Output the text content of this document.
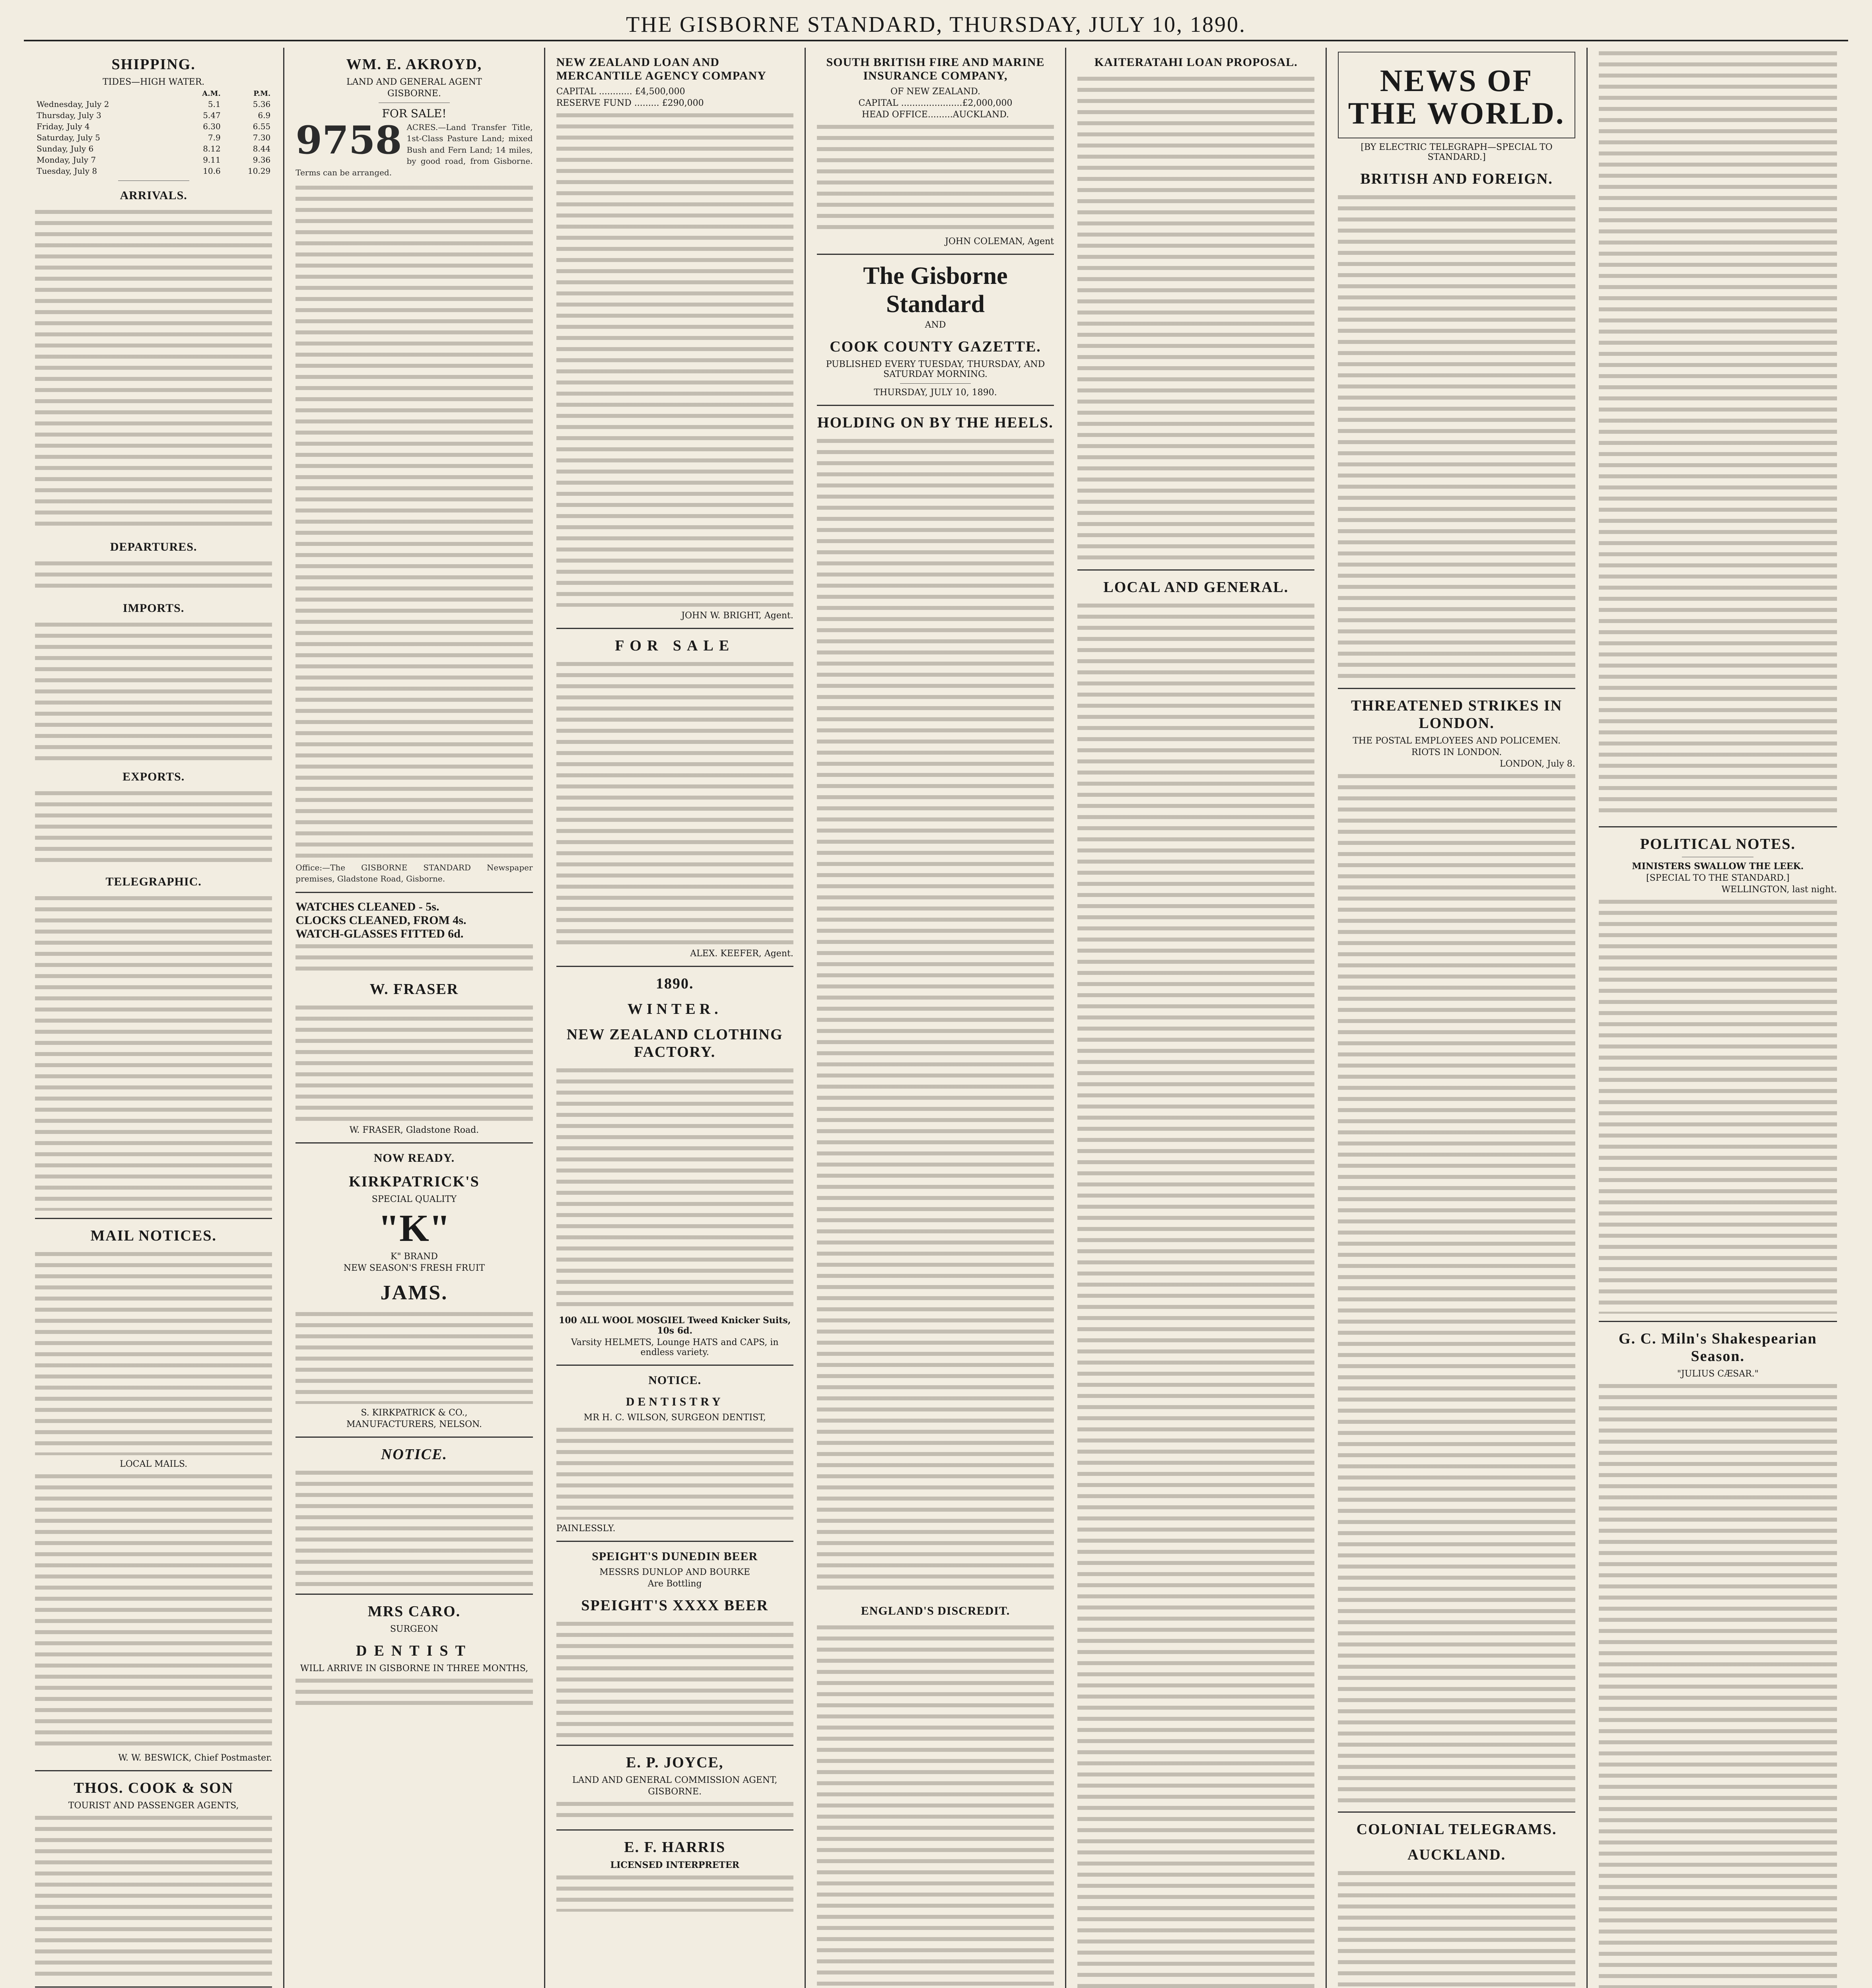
THE GISBORNE STANDARD, THURSDAY, JULY 10, 1890.
SHIPPING.
TIDES—HIGH WATER.
	A.M.	P.M.
Wednesday, July 2	5.1	5.36
Thursday, July 3	5.47	6.9
Friday, July 4	6.30	6.55
Saturday, July 5	7.9	7.30
Sunday, July 6	8.12	8.44
Monday, July 7	9.11	9.36
Tuesday, July 8	10.6	10.29
ARRIVALS.
DEPARTURES.
IMPORTS.
EXPORTS.
TELEGRAPHIC.
MAIL NOTICES.
LOCAL MAILS.
W. W. BESWICK, Chief Postmaster.
THOS. COOK & SON
TOURIST AND PASSENGER AGENTS,
WM. E. AKROYD,
LAND AND GENERAL AGENT
GISBORNE.
FOR SALE!
9758 ACRES.—Land Transfer Title, 1st-Class Pasture Land; mixed Bush and Fern Land; 14 miles, by good road, from Gisborne. Terms can be arranged.
Office:—The GISBORNE STANDARD Newspaper premises, Gladstone Road, Gisborne.
WATCHES CLEANED - 5s.
CLOCKS CLEANED, FROM 4s.
WATCH-GLASSES FITTED 6d.
W. FRASER
W. FRASER, Gladstone Road.
NOW READY.
KIRKPATRICK'S
SPECIAL QUALITY
"K"
K" BRAND
NEW SEASON'S FRESH FRUIT
JAMS.
S. KIRKPATRICK & CO.,
MANUFACTURERS, NELSON.
NOTICE.
MRS CARO.
SURGEON
DENTIST
WILL ARRIVE IN GISBORNE IN THREE MONTHS,
NEW ZEALAND LOAN AND MERCANTILE AGENCY COMPANY
CAPITAL ............ £4,500,000
RESERVE FUND ......... £290,000
JOHN W. BRIGHT, Agent.
FOR SALE
ALEX. KEEFER, Agent.
1890.
WINTER.
NEW ZEALAND CLOTHING FACTORY.
100 ALL WOOL MOSGIEL Tweed Knicker Suits, 10s 6d.
Varsity HELMETS, Lounge HATS and CAPS, in endless variety.
NOTICE.
DENTISTRY
MR H. C. WILSON, SURGEON DENTIST,
PAINLESSLY.
SPEIGHT'S DUNEDIN BEER
MESSRS DUNLOP AND BOURKE
Are Bottling
SPEIGHT'S XXXX BEER
E. P. JOYCE,
LAND AND GENERAL COMMISSION AGENT,
GISBORNE.
E. F. HARRIS
LICENSED INTERPRETER
SOUTH BRITISH FIRE AND MARINE INSURANCE COMPANY,
OF NEW ZEALAND.
CAPITAL ......................£2,000,000
HEAD OFFICE.........AUCKLAND.
JOHN COLEMAN, Agent
The Gisborne Standard
AND
COOK COUNTY GAZETTE.
PUBLISHED EVERY TUESDAY, THURSDAY, AND SATURDAY MORNING.
THURSDAY, JULY 10, 1890.
HOLDING ON BY THE HEELS.
ENGLAND'S DISCREDIT.
KAITERATAHI LOAN PROPOSAL.
LOCAL AND GENERAL.
NEWS OF THE WORLD.
[BY ELECTRIC TELEGRAPH—SPECIAL TO STANDARD.]
BRITISH AND FOREIGN.
THREATENED STRIKES IN LONDON.
THE POSTAL EMPLOYEES AND POLICEMEN.
RIOTS IN LONDON.
LONDON, July 8.
COLONIAL TELEGRAMS.
AUCKLAND.
POLITICAL NOTES.
MINISTERS SWALLOW THE LEEK.
[SPECIAL TO THE STANDARD.]
WELLINGTON, last night.
G. C. Miln's Shakespearian Season.
"JULIUS CÆSAR."
